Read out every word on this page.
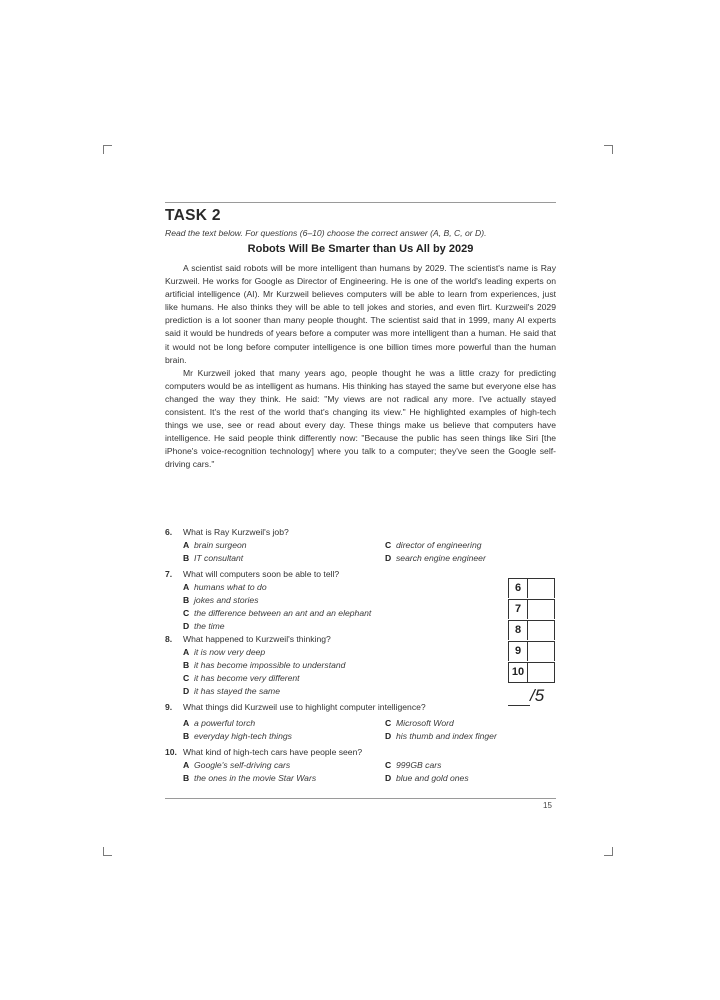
TASK 2
Read the text below. For questions (6–10) choose the correct answer (A, B, C, or D).
Robots Will Be Smarter than Us All by 2029

A scientist said robots will be more intelligent than humans by 2029. The scientist's name is Ray Kurzweil. He works for Google as Director of Engineering. He is one of the world's leading experts on artificial intelligence (AI). Mr Kurzweil believes computers will be able to learn from experiences, just like humans. He also thinks they will be able to tell jokes and stories, and even flirt. Kurzweil's 2029 prediction is a lot sooner than many people thought. The scientist said that in 1999, many AI experts said it would be hundreds of years before a computer was more intelligent than a human. He said that it would not be long before computer intelligence is one billion times more powerful than the human brain.

Mr Kurzweil joked that many years ago, people thought he was a little crazy for predicting computers would be as intelligent as humans. His thinking has stayed the same but everyone else has changed the way they think. He said: "My views are not radical any more. I've actually stayed consistent. It's the rest of the world that's changing its view." He highlighted examples of high-tech things we use, see or read about every day. These things make us believe that computers have intelligence. He said people think differently now: "Because the public has seen things like Siri [the iPhone's voice-recognition technology] where you talk to a computer; they've seen the Google self-driving cars."

6. What is Ray Kurzweil's job?
A brain surgeon	C director of engineering
B IT consultant	D search engine engineer
7. What will computers soon be able to tell?
A humans what to do
B jokes and stories
C the difference between an ant and an elephant
D the time
8. What happened to Kurzweil's thinking?
A it is now very deep
B it has become impossible to understand
C it has become very different
D it has stayed the same
9. What things did Kurzweil use to highlight computer intelligence?
A a powerful torch	C Microsoft Word
B everyday high-tech things	D his thumb and index finger
10. What kind of high-tech cars have people seen?
A Google's self-driving cars	C 999GB cars
B the ones in the movie Star Wars	D blue and gold ones
6
7
8
9
10
/5
15
